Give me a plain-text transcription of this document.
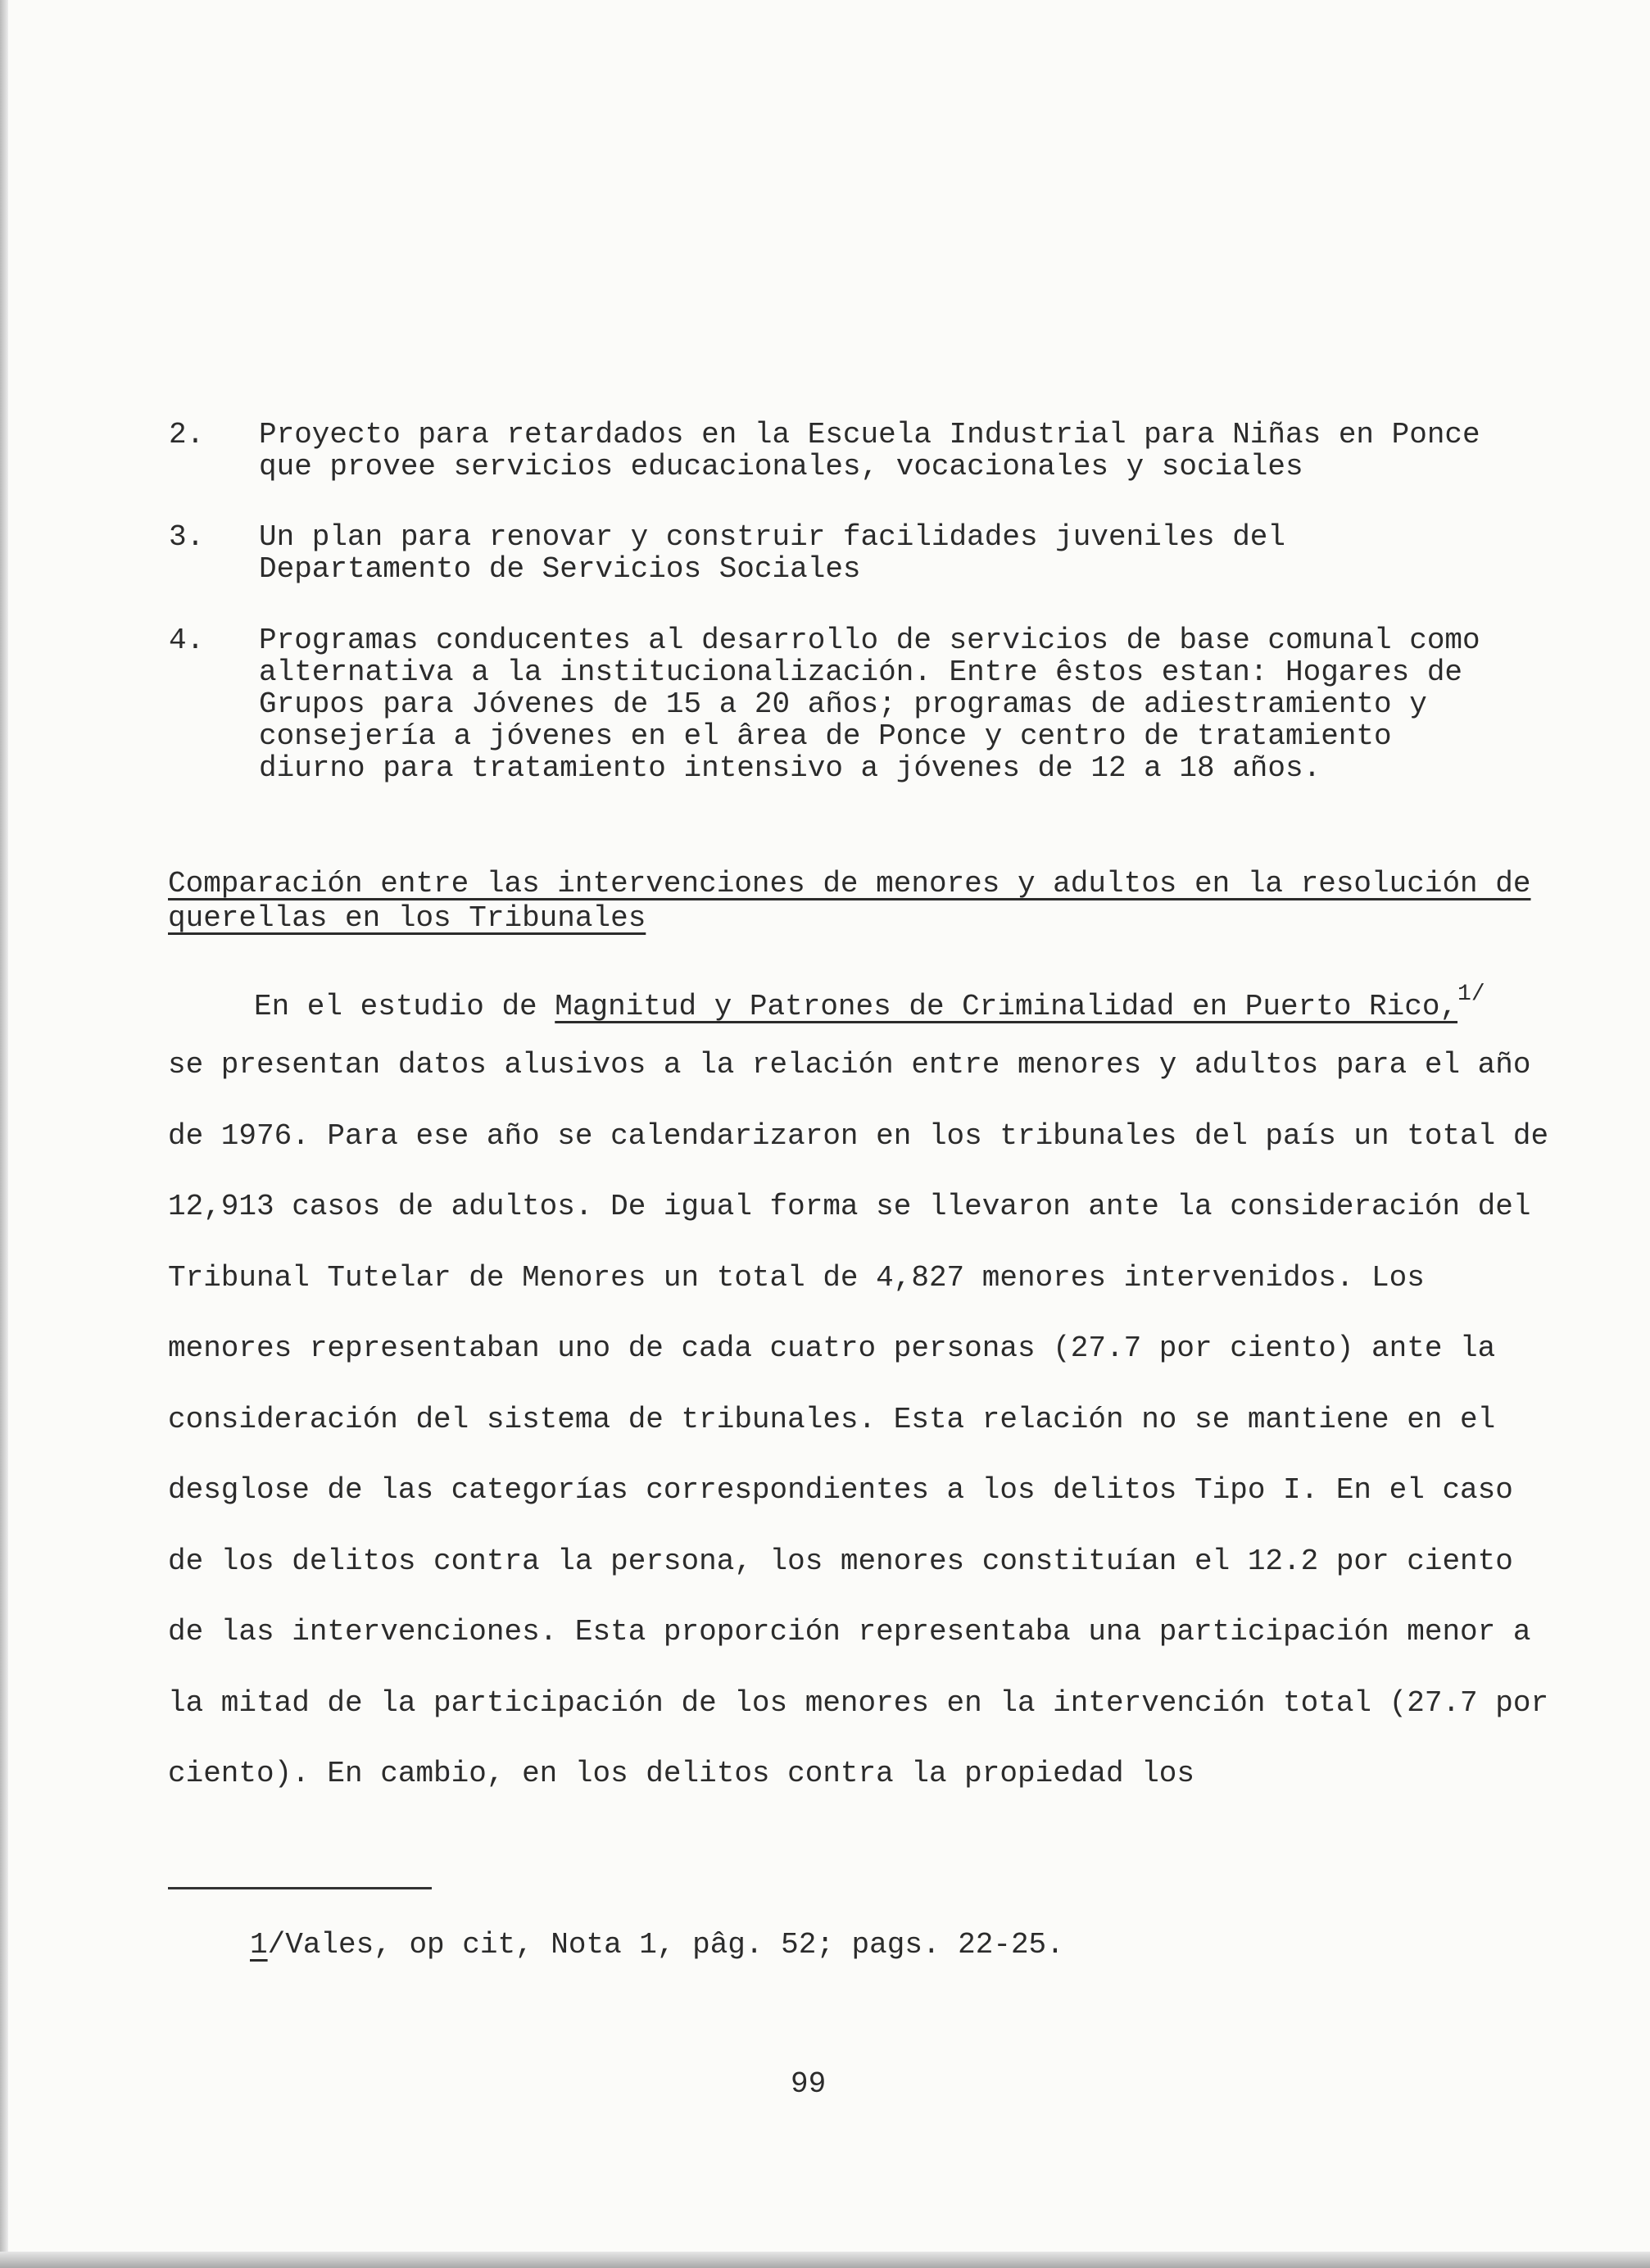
2. Proyecto para retardados en la Escuela Industrial para Niñas en Ponce que provee servicios educacionales, vocacionales y sociales
3. Un plan para renovar y construir facilidades juveniles del Departamento de Servicios Sociales
4. Programas conducentes al desarrollo de servicios de base comunal como alternativa a la institucionalización. Entre êstos estan: Hogares de Grupos para Jóvenes de 15 a 20 años; programas de adiestramiento y consejería a jóvenes en el ârea de Ponce y centro de tratamiento diurno para tratamiento intensivo a jóvenes de 12 a 18 años.
Comparación entre las intervenciones de menores y adultos en la resolución de querellas en los Tribunales
En el estudio de Magnitud y Patrones de Criminalidad en Puerto Rico,$^{1/}$
se presentan datos alusivos a la relación entre menores y adultos para el año de 1976. Para ese año se calendarizaron en los tribunales del país un total de 12,913 casos de adultos. De igual forma se llevaron ante la consideración del Tribunal Tutelar de Menores un total de 4,827 menores intervenidos. Los menores representaban uno de cada cuatro personas (27.7 por ciento) ante la consideración del sistema de tribunales. Esta relación no se mantiene en el desglose de las categorías correspondientes a los delitos Tipo I. En el caso de los delitos contra la persona, los menores constituían el 12.2 por ciento de las intervenciones. Esta proporción representaba una participación menor a la mitad de la participación de los menores en la intervención total (27.7 por ciento). En cambio, en los delitos contra la propiedad los
1/Vales, op cit, Nota 1, pâg. 52; pags. 22-25.
99
